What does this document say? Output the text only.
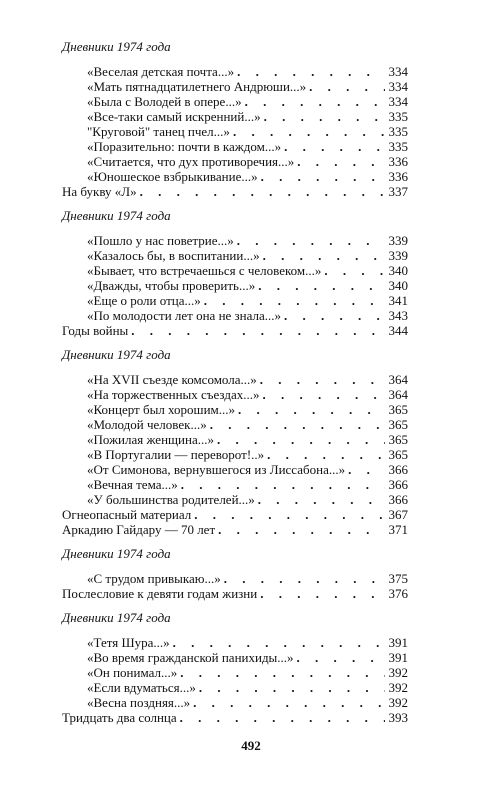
Дневники 1974 года
«Веселая детская почта...» . . .	334
«Мать пятнадцатилетнего Андрюши...» . . .	334
«Была с Володей в опере...» . . .	334
«Все-таки самый искренний...» . . .	335
"Круговой" танец пчел...» . . .	335
«Поразительно: почти в каждом...» . . .	335
«Считается, что дух противоречия...» . . .	336
«Юношеское взбрыкивание...» . . .	336
На букву «Л» . . .	337
Дневники 1974 года
«Пошло у нас поветрие...» . . .	339
«Казалось бы, в воспитании...» . . .	339
«Бывает, что встречаешься с человеком...» . . .	340
«Дважды, чтобы проверить...» . . .	340
«Еще о роли отца...» . . .	341
«По молодости лет она не знала...» . . .	343
Годы войны . . .	344
Дневники 1974 года
«На XVII съезде комсомола...» . . .	364
«На торжественных съездах...» . . .	364
«Концерт был хорошим...» . . .	365
«Молодой человек...» . . .	365
«Пожилая женщина...» . . .	365
«В Португалии — переворот!..» . . .	365
«От Симонова, вернувшегося из Лиссабона...» . . .	366
«Вечная тема...» . . .	366
«У большинства родителей...» . . .	366
Огнеопасный материал . . .	367
Аркадию Гайдару — 70 лет . . .	371
Дневники 1974 года
«С трудом привыкаю...» . . .	375
Послесловие к девяти годам жизни . . .	376
Дневники 1974 года
«Тетя Шура...» . . .	391
«Во время гражданской панихиды...» . . .	391
«Он понимал...» . . .	392
«Если вдуматься...» . . .	392
«Весна поздняя...» . . .	392
Тридцать два солнца . . .	393
492
